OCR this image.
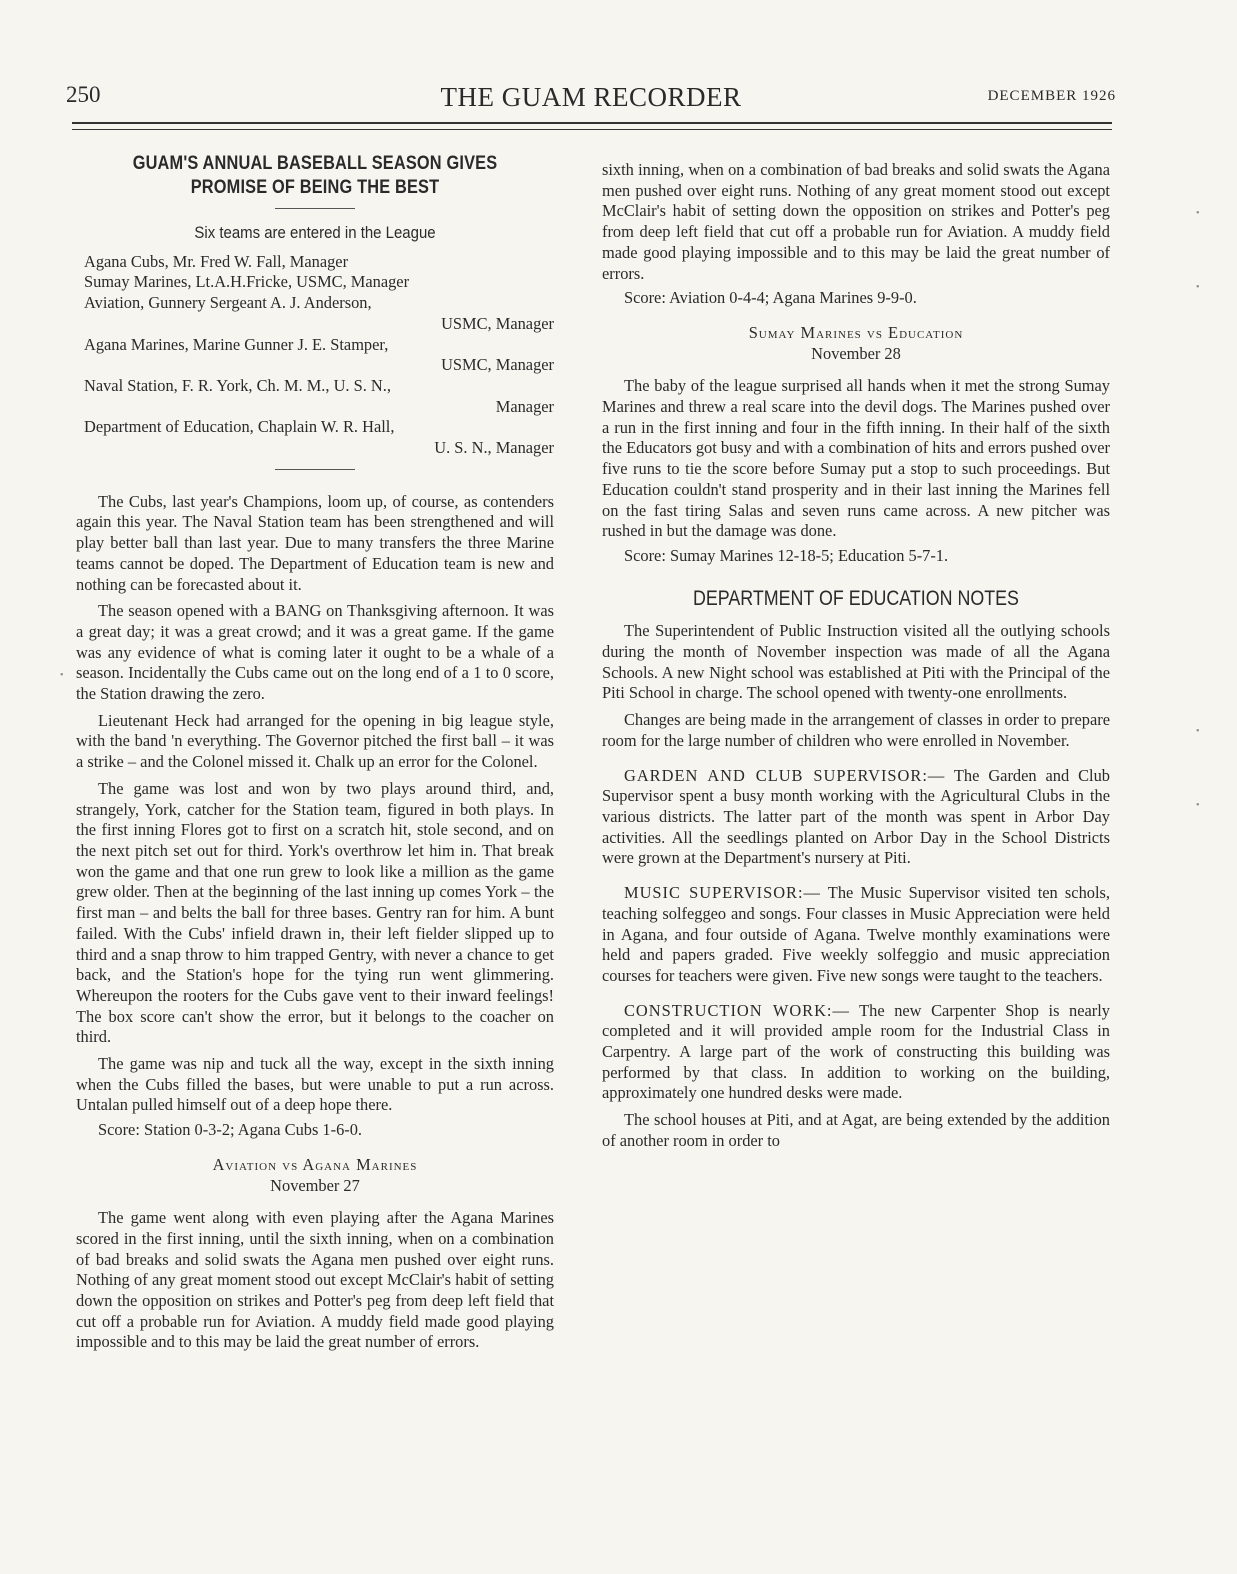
250	THE GUAM RECORDER	DECEMBER 1926
GUAM'S ANNUAL BASEBALL SEASON GIVES PROMISE OF BEING THE BEST
Six teams are entered in the League
Agana Cubs, Mr. Fred W. Fall, Manager
Sumay Marines, Lt.A.H.Fricke, USMC, Manager
Aviation, Gunnery Sergeant A. J. Anderson,
USMC, Manager
Agana Marines, Marine Gunner J. E. Stamper,
USMC, Manager
Naval Station, F. R. York, Ch. M. M., U. S. N.,
Manager
Department of Education, Chaplain W. R. Hall,
U. S. N., Manager

The Cubs, last year's Champions, loom up, of course, as contenders again this year. The Naval Station team has been strengthened and will play better ball than last year. Due to many transfers the three Marine teams cannot be doped. The Department of Education team is new and nothing can be forecasted about it.

The season opened with a BANG on Thanksgiving afternoon. It was a great day; it was a great crowd; and it was a great game. If the game was any evidence of what is coming later it ought to be a whale of a season. Incidentally the Cubs came out on the long end of a 1 to 0 score, the Station drawing the zero.

Lieutenant Heck had arranged for the opening in big league style, with the band 'n everything. The Governor pitched the first ball – it was a strike – and the Colonel missed it. Chalk up an error for the Colonel.

The game was lost and won by two plays around third, and, strangely, York, catcher for the Station team, figured in both plays. In the first inning Flores got to first on a scratch hit, stole second, and on the next pitch set out for third. York's overthrow let him in. That break won the game and that one run grew to look like a million as the game grew older. Then at the beginning of the last inning up comes York – the first man – and belts the ball for three bases. Gentry ran for him. A bunt failed. With the Cubs' infield drawn in, their left fielder slipped up to third and a snap throw to him trapped Gentry, with never a chance to get back, and the Station's hope for the tying run went glimmering. Whereupon the rooters for the Cubs gave vent to their inward feelings! The box score can't show the error, but it belongs to the coacher on third.

The game was nip and tuck all the way, except in the sixth inning when the Cubs filled the bases, but were unable to put a run across. Untalan pulled himself out of a deep hope there.

Score: Station 0-3-2; Agana Cubs 1-6-0.

Aviation vs Agana Marines

November 27

The game went along with even playing after the Agana Marines scored in the first inning, until the sixth inning, when on a combination of bad breaks and solid swats the Agana men pushed over eight runs. Nothing of any great moment stood out except McClair's habit of setting down the opposition on strikes and Potter's peg from deep left field that cut off a probable run for Aviation. A muddy field made good playing impossible and to this may be laid the great number of errors.

sixth inning, when on a combination of bad breaks and solid swats the Agana men pushed over eight runs. Nothing of any great moment stood out except McClair's habit of setting down the opposition on strikes and Potter's peg from deep left field that cut off a probable run for Aviation. A muddy field made good playing impossible and to this may be laid the great number of errors.

Score: Aviation 0-4-4; Agana Marines 9-9-0.

Sumay Marines vs Education

November 28

The baby of the league surprised all hands when it met the strong Sumay Marines and threw a real scare into the devil dogs. The Marines pushed over a run in the first inning and four in the fifth inning. In their half of the sixth the Educators got busy and with a combination of hits and errors pushed over five runs to tie the score before Sumay put a stop to such proceedings. But Education couldn't stand prosperity and in their last inning the Marines fell on the fast tiring Salas and seven runs came across. A new pitcher was rushed in but the damage was done.

Score: Sumay Marines 12-18-5; Education 5-7-1.

DEPARTMENT OF EDUCATION NOTES

The Superintendent of Public Instruction visited all the outlying schools during the month of November inspection was made of all the Agana Schools. A new Night school was established at Piti with the Principal of the Piti School in charge. The school opened with twenty-one enrollments.

Changes are being made in the arrangement of classes in order to prepare room for the large number of children who were enrolled in November.

GARDEN AND CLUB SUPERVISOR:— The Garden and Club Supervisor spent a busy month working with the Agricultural Clubs in the various districts. The latter part of the month was spent in Arbor Day activities. All the seedlings planted on Arbor Day in the School Districts were grown at the Department's nursery at Piti.

MUSIC SUPERVISOR:— The Music Supervisor visited ten schols, teaching solfeggeo and songs. Four classes in Music Appreciation were held in Agana, and four outside of Agana. Twelve monthly examinations were held and papers graded. Five weekly solfeggio and music appreciation courses for teachers were given. Five new songs were taught to the teachers.

CONSTRUCTION WORK:— The new Carpenter Shop is nearly completed and it will provided ample room for the Industrial Class in Carpentry. A large part of the work of constructing this building was performed by that class. In addition to working on the building, approximately one hundred desks were made.

The school houses at Piti, and at Agat, are being extended by the addition of another room in order to

•
•
•
•
•
